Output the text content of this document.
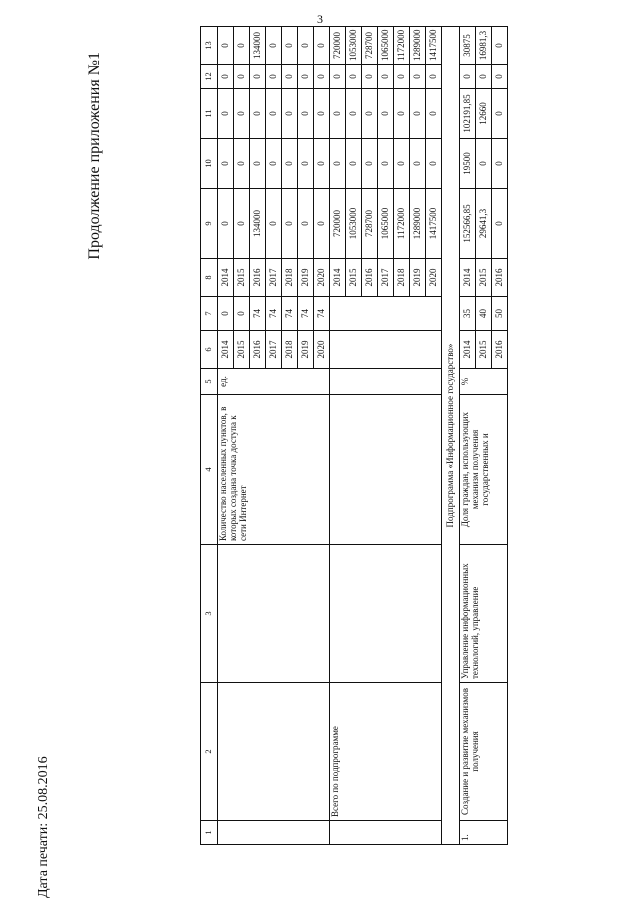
3
Дата печати: 25.08.2016
Продолжение приложения №1
1	2	3	4	5	6	7	8	9	10	11	12	13
			Количество населенных пунктов, в которых создана точка доступа к сети Интернет	ед.	2014	0	2014	0	0	0	0	0
					2015	0	2015	0	0	0	0	0
					2016	74	2016	134000	0	0	0	134000
					2017	74	2017	0	0	0	0	0
					2018	74	2018	0	0	0	0	0
					2019	74	2019	0	0	0	0	0
					2020	74	2020	0	0	0	0	0
	Всего по подпрограмме						2014	720000	0	0	0	720000
							2015	1053000	0	0	0	1053000
							2016	728700	0	0	0	728700
							2017	1065000	0	0	0	1065000
							2018	1172000	0	0	0	1172000
							2019	1289000	0	0	0	1289000
							2020	1417500	0	0	0	1417500
Подпрограмма «Информационное государство»												
1.	Создание и развитие механизмов получения	Управление информационных технологий, управление	Доля граждан, использующих механизм получения государственных и	%	2014	35	2014	152566,85	19500	102191,85	0	30875
					2015	40	2015	29641,3	0	12660	0	16981,3
					2016	50	2016	0	0	0	0	0
